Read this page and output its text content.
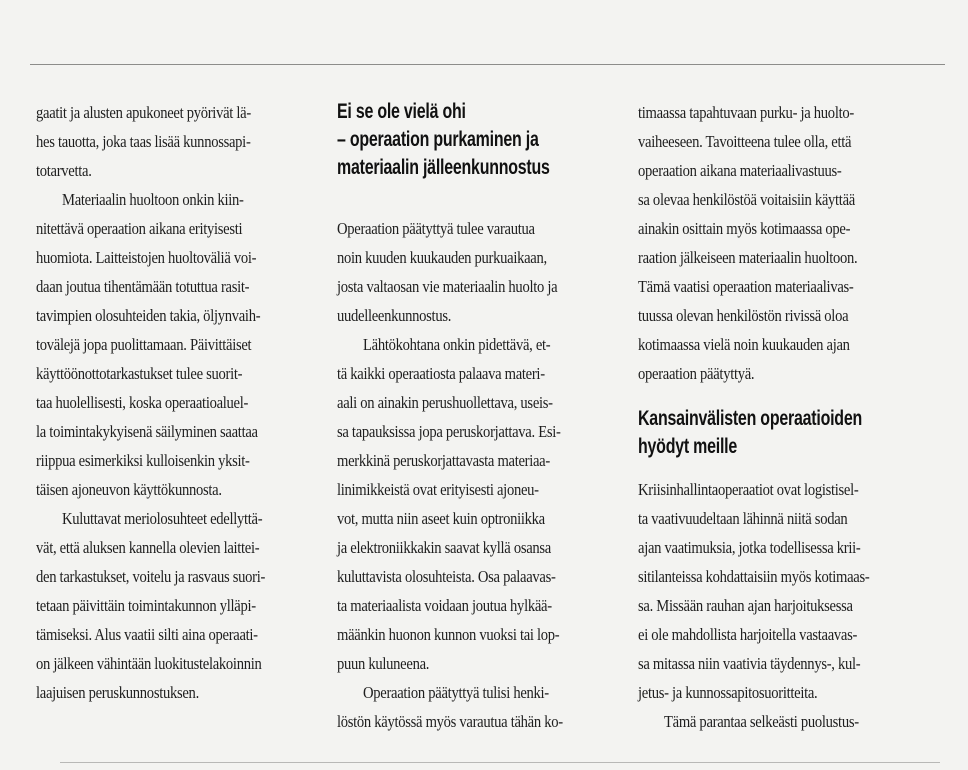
gaatit ja alusten apukoneet pyörivät lä-
hes tauotta, joka taas lisää kunnossapi-
totarvetta.

Materiaalin huoltoon onkin kiin-
nitettävä operaation aikana erityisesti
huomiota. Laitteistojen huoltoväliä voi-
daan joutua tihentämään totuttua rasit-
tavimpien olosuhteiden takia, öljynvaih-
tovälejä jopa puolittamaan. Päivittäiset
käyttöönottotarkastukset tulee suorit-
taa huolellisesti, koska operaatioaluel-
la toimintakykyisenä säilyminen saattaa
riippua esimerkiksi kulloisenkin yksit-
täisen ajoneuvon käyttökunnosta.

Kuluttavat meriolosuhteet edellyttä-
vät, että aluksen kannella olevien laittei-
den tarkastukset, voitelu ja rasvaus suori-
tetaan päivittäin toimintakunnon ylläpi-
tämiseksi. Alus vaatii silti aina operaati-
on jälkeen vähintään luokitustelakoinnin
laajuisen peruskunnostuksen.

Ei se ole vielä ohi
– operaation purkaminen ja
materiaalin jälleenkunnostus

Operaation päätyttyä tulee varautua
noin kuuden kuukauden purkuaikaan,
josta valtaosan vie materiaalin huolto ja
uudelleenkunnostus.

Lähtökohtana onkin pidettävä, et-
tä kaikki operaatiosta palaava materi-
aali on ainakin perushuollettava, useis-
sa tapauksissa jopa peruskorjattava. Esi-
merkkinä peruskorjattavasta materiaa-
linimikkeistä ovat erityisesti ajoneu-
vot, mutta niin aseet kuin optroniikka
ja elektroniikkakin saavat kyllä osansa
kuluttavista olosuhteista. Osa palaavas-
ta materiaalista voidaan joutua hylkää-
määnkin huonon kunnon vuoksi tai lop-
puun kuluneena.

Operaation päätyttyä tulisi henki-
löstön käytössä myös varautua tähän ko-

timaassa tapahtuvaan purku- ja huolto-
vaiheeseen. Tavoitteena tulee olla, että
operaation aikana materiaalivastuus-
sa olevaa henkilöstöä voitaisiin käyttää
ainakin osittain myös kotimaassa ope-
raation jälkeiseen materiaalin huoltoon.
Tämä vaatisi operaation materiaalivas-
tuussa olevan henkilöstön rivissä oloa
kotimaassa vielä noin kuukauden ajan
operaation päätyttyä.

Kansainvälisten operaatioiden
hyödyt meille

Kriisinhallintaoperaatiot ovat logistisel-
ta vaativuudeltaan lähinnä niitä sodan
ajan vaatimuksia, jotka todellisessa krii-
sitilanteissa kohdattaisiin myös kotimaas-
sa. Missään rauhan ajan harjoituksessa
ei ole mahdollista harjoitella vastaavas-
sa mitassa niin vaativia täydennys-, kul-
jetus- ja kunnossapitosuoritteita.

Tämä parantaa selkeästi puolustus-
